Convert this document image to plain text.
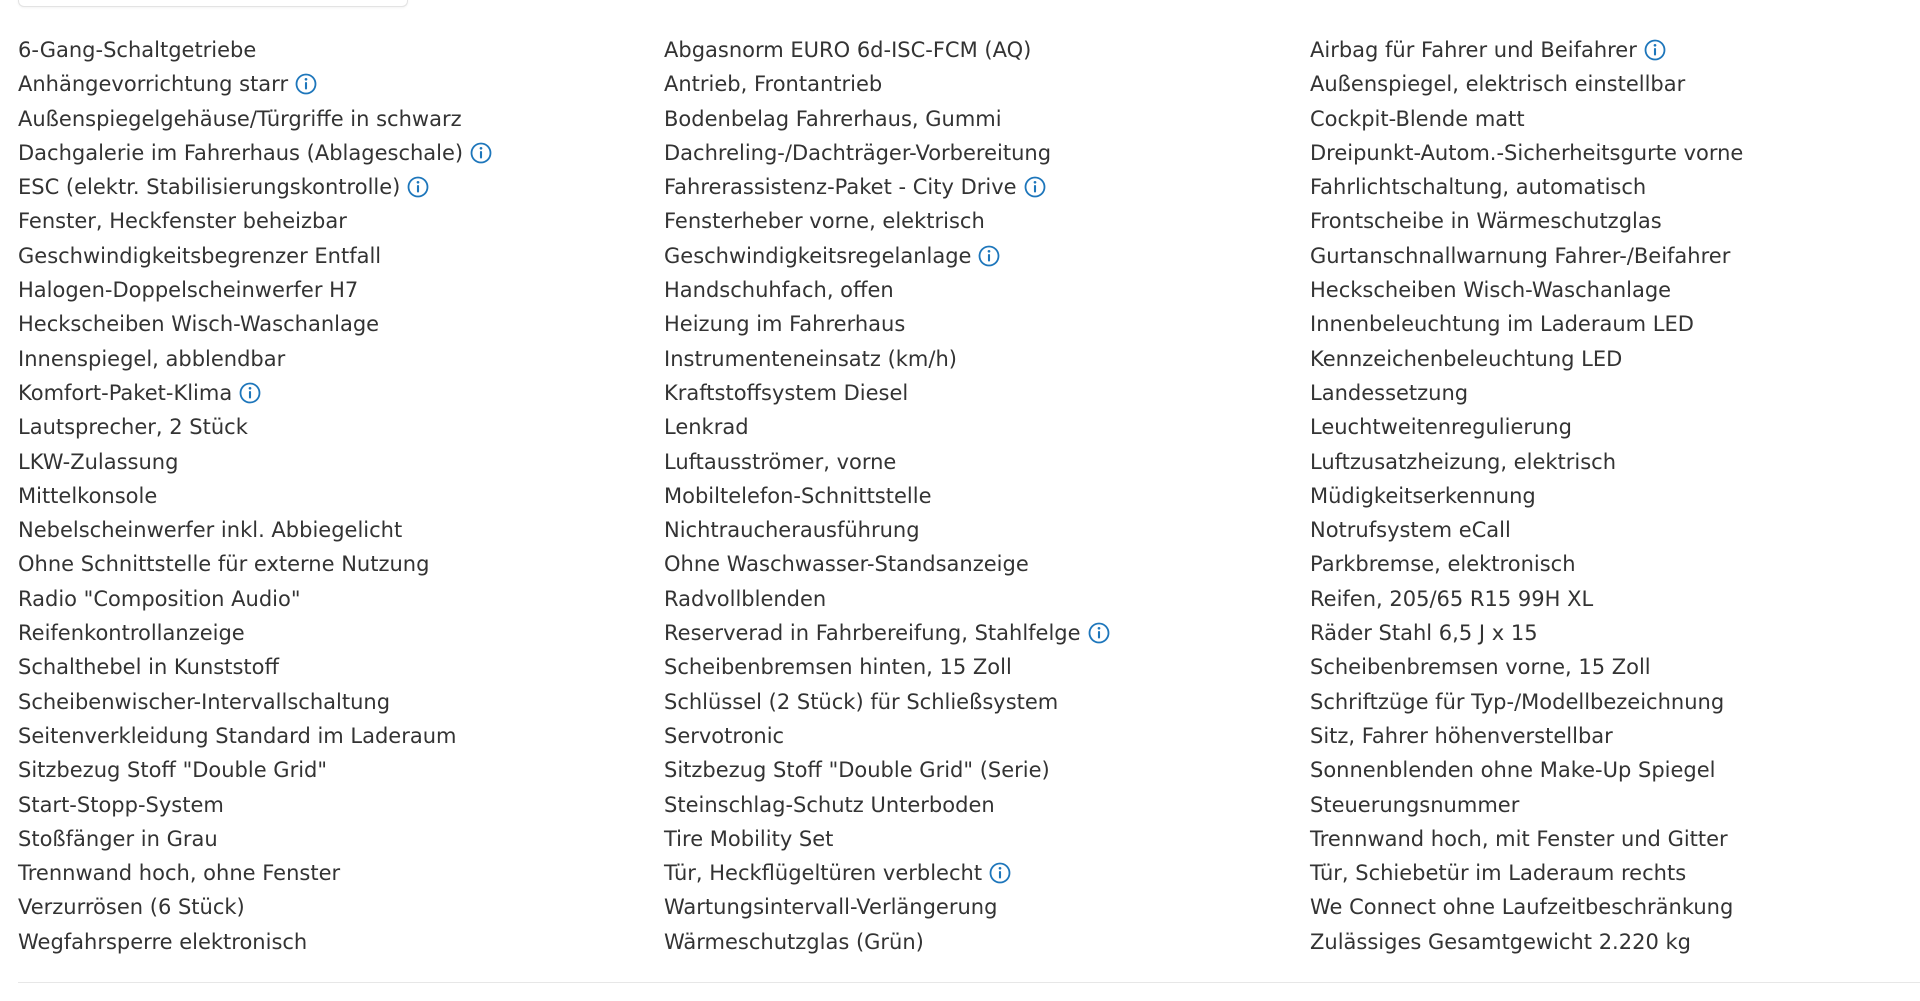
6-Gang-Schaltgetriebe
Anhängevorrichtung starr
Außenspiegelgehäuse/Türgriffe in schwarz
Dachgalerie im Fahrerhaus (Ablageschale)
ESC (elektr. Stabilisierungskontrolle)
Fenster, Heckfenster beheizbar
Geschwindigkeitsbegrenzer Entfall
Halogen-Doppelscheinwerfer H7
Heckscheiben Wisch-Waschanlage
Innenspiegel, abblendbar
Komfort-Paket-Klima
Lautsprecher, 2 Stück
LKW-Zulassung
Mittelkonsole
Nebelscheinwerfer inkl. Abbiegelicht
Ohne Schnittstelle für externe Nutzung
Radio "Composition Audio"
Reifenkontrollanzeige
Schalthebel in Kunststoff
Scheibenwischer-Intervallschaltung
Seitenverkleidung Standard im Laderaum
Sitzbezug Stoff "Double Grid"
Start-Stopp-System
Stoßfänger in Grau
Trennwand hoch, ohne Fenster
Verzurrösen (6 Stück)
Wegfahrsperre elektronisch
Abgasnorm EURO 6d-ISC-FCM (AQ)
Antrieb, Frontantrieb
Bodenbelag Fahrerhaus, Gummi
Dachreling-/Dachträger-Vorbereitung
Fahrerassistenz-Paket - City Drive
Fensterheber vorne, elektrisch
Geschwindigkeitsregelanlage
Handschuhfach, offen
Heizung im Fahrerhaus
Instrumenteneinsatz (km/h)
Kraftstoffsystem Diesel
Lenkrad
Luftausströmer, vorne
Mobiltelefon-Schnittstelle
Nichtraucherausführung
Ohne Waschwasser-Standsanzeige
Radvollblenden
Reserverad in Fahrbereifung, Stahlfelge
Scheibenbremsen hinten, 15 Zoll
Schlüssel (2 Stück) für Schließsystem
Servotronic
Sitzbezug Stoff "Double Grid" (Serie)
Steinschlag-Schutz Unterboden
Tire Mobility Set
Tür, Heckflügeltüren verblecht
Wartungsintervall-Verlängerung
Wärmeschutzglas (Grün)
Airbag für Fahrer und Beifahrer
Außenspiegel, elektrisch einstellbar
Cockpit-Blende matt
Dreipunkt-Autom.-Sicherheitsgurte vorne
Fahrlichtschaltung, automatisch
Frontscheibe in Wärmeschutzglas
Gurtanschnallwarnung Fahrer-/Beifahrer
Heckscheiben Wisch-Waschanlage
Innenbeleuchtung im Laderaum LED
Kennzeichenbeleuchtung LED
Landessetzung
Leuchtweitenregulierung
Luftzusatzheizung, elektrisch
Müdigkeitserkennung
Notrufsystem eCall
Parkbremse, elektronisch
Reifen, 205/65 R15 99H XL
Räder Stahl 6,5 J x 15
Scheibenbremsen vorne, 15 Zoll
Schriftzüge für Typ-/Modellbezeichnung
Sitz, Fahrer höhenverstellbar
Sonnenblenden ohne Make-Up Spiegel
Steuerungsnummer
Trennwand hoch, mit Fenster und Gitter
Tür, Schiebetür im Laderaum rechts
We Connect ohne Laufzeitbeschränkung
Zulässiges Gesamtgewicht 2.220 kg
